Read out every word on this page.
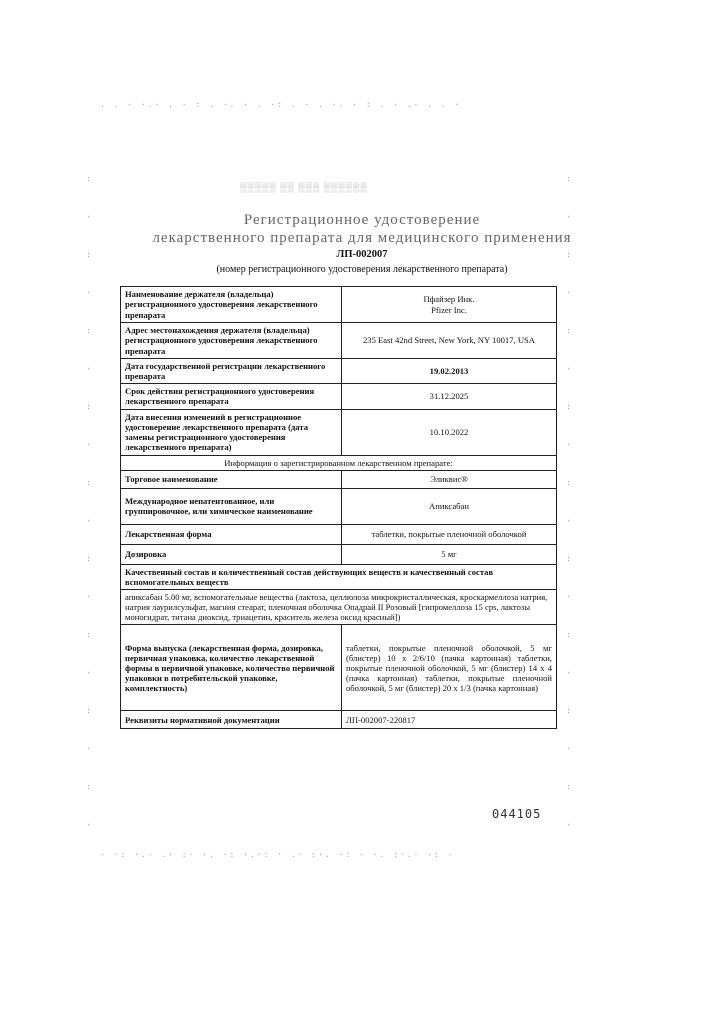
. . · ·.· . · : . ·. · . ·: . · . ·. · : . · .· . . ·
· ·: ·.· .· :· ·. ·: ·.·: · .· :·. ·: · ·. :·.· ·: ·
: · : · : · : · : · : · : · : · : ·
: · : · : · : · : · : · : · : · : ·
▒▒▒▒▒ ▒▒ ▒▒▒ ▒▒▒▒▒▒
Регистрационное удостоверение
лекарственного препарата для медицинского применения
ЛП-002007
(номер регистрационного удостоверения лекарственного препарата)
Наименование держателя (владельца) регистрационного удостоверения лекарственного препарата	Пфайзер Инк.
Pfizer Inc.
Адрес местонахождения держателя (владельца) регистрационного удостоверения лекарственного препарата	235 East 42nd Street, New York, NY 10017, USA
Дата государственной регистрации лекарственного препарата	19.02.2013
Срок действия регистрационного удостоверения лекарственного препарата	31.12.2025
Дата внесения изменений в регистрационное удостоверение лекарственного препарата (дата замены регистрационного удостоверения лекарственного препарата)	10.10.2022
Информация о зарегистрированном лекарственном препарате:	
Торговое наименование	Эликвис®
Международное непатентованное, или группировочное, или химическое наименование	Апиксабан
Лекарственная форма	таблетки, покрытые пленочной оболочкой
Дозировка	5 мг
Качественный состав и количественный состав действующих веществ и качественный состав вспомогательных веществ	
апиксабан 5.00 мг, вспомогательные вещества (лактоза, целлюлоза микрокристаллическая, кроскармеллоза натрия, натрия лаурилсульфат, магния стеарат, пленочная оболочка Опадрай II Розовый [гипромеллоза 15 cps, лактозы моногидрат, титана диоксид, триацетин, краситель железа оксид красный])	
Форма выпуска (лекарственная форма, дозировка, первичная упаковка, количество лекарственной формы в первичной упаковке, количество первичной упаковки в потребительской упаковке, комплектность)	таблетки, покрытые пленочной оболочкой, 5 мг (блистер) 10 х 2/6/10 (пачка картонная) таблетки, покрытые пленочной оболочкой, 5 мг (блистер) 14 х 4 (пачка картонная) таблетки, покрытые пленочной оболочкой, 5 мг (блистер) 20 х 1/3 (пачка картонная)
Реквизиты нормативной документации	ЛП-002007-220817
044105
